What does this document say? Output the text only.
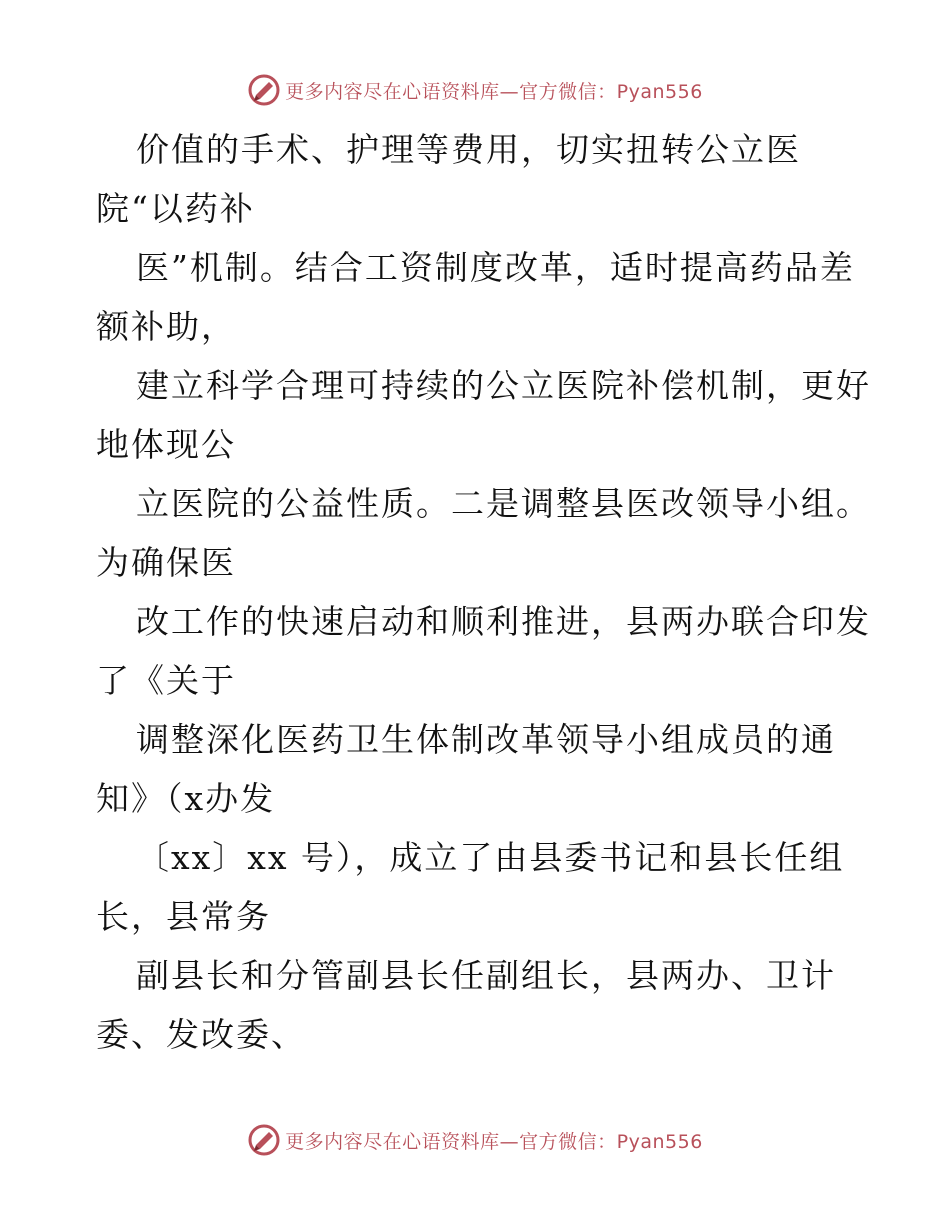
更多内容尽在心语资料库—官方微信：Pyan556
价值的手术、护理等费用，切实扭转公立医
院“以药补
医”机制。结合工资制度改革，适时提高药品差
额补助，
建立科学合理可持续的公立医院补偿机制，更好
地体现公
立医院的公益性质。二是调整县医改领导小组。
为确保医
改工作的快速启动和顺利推进，县两办联合印发
了《关于
调整深化医药卫生体制改革领导小组成员的通
知》（x办发
〔xx〕xx 号），成立了由县委书记和县长任组
长，县常务
副县长和分管副县长任副组长，县两办、卫计
委、发改委、
更多内容尽在心语资料库—官方微信：Pyan556
